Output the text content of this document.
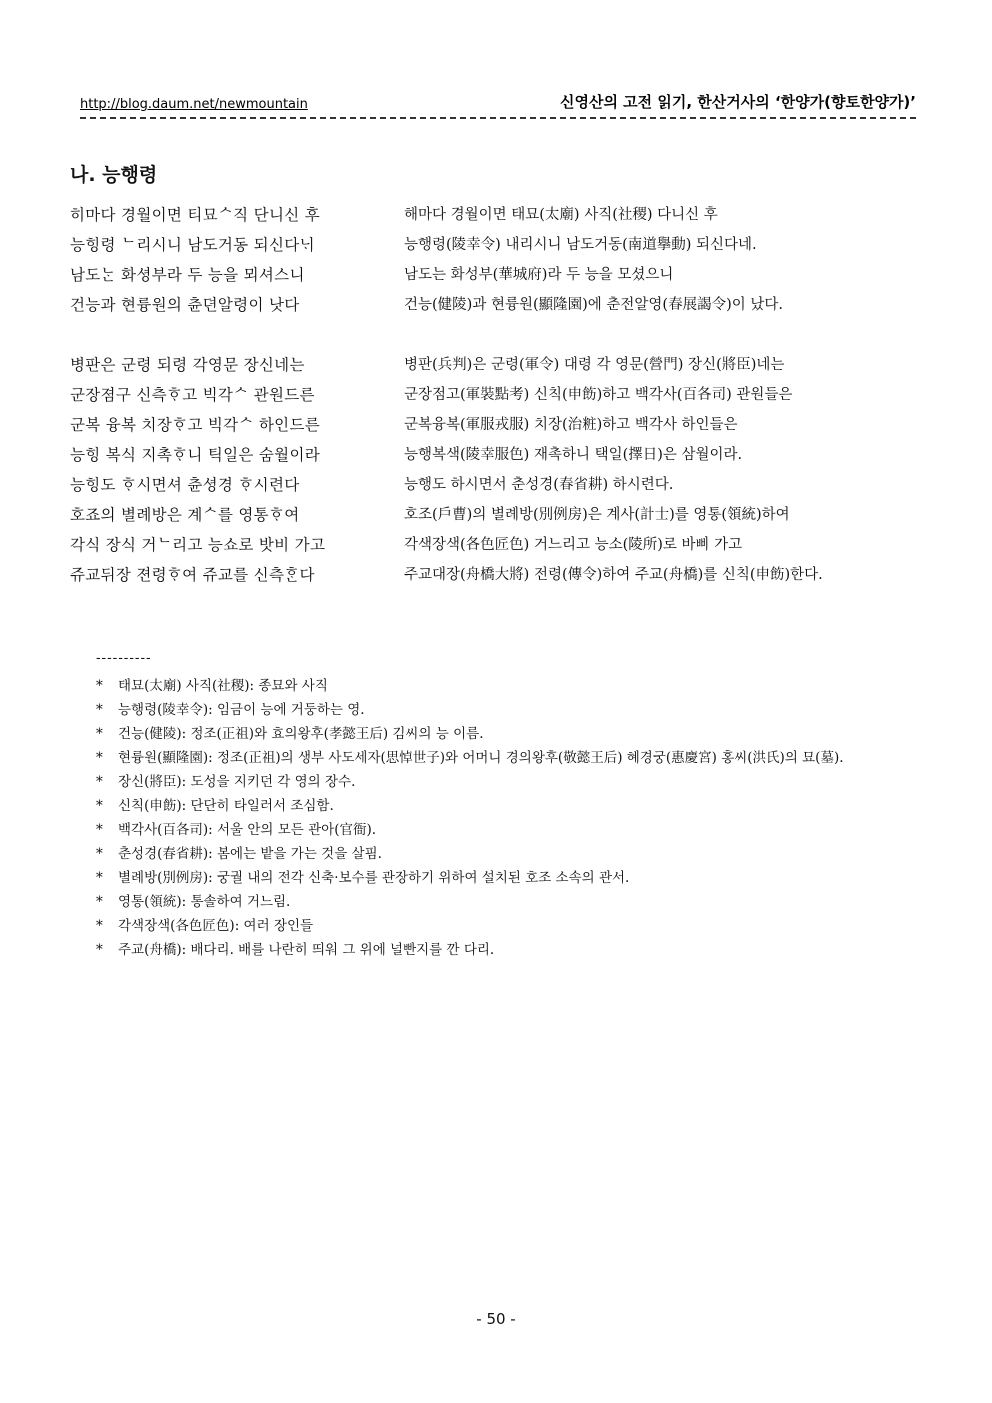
http://blog.daum.net/newmountain	신영산의 고전 읽기, 한산거사의 ‘한양가(향토한양가)’
나. 능행령
히마다 경월이면 티묘ᄉ직 단니신 후	해마다 경월이면 태묘(太廟) 사직(社稷) 다니신 후
능힝령 ᄂ리시니 남도거동 되신다ᄂᆡ	능행령(陵幸令) 내리시니 남도거동(南道擧動) 되신다네.
남도ᄂᆞᆫ 화셩부라 두 능을 뫼셔스니	남도는 화성부(華城府)라 두 능을 모셨으니
건능과 현륭원의 츈뎐알령이 낫다	건능(健陵)과 현륭원(顯隆園)에 춘전알영(春展謁令)이 났다.
병판은 군령 되령 각영문 장신네는	병판(兵判)은 군령(軍令) 대령 각 영문(營門) 장신(將臣)네는
군장졈구 신측ᄒᆞ고 빅각ᄉ 관원드른	군장점고(軍裝點考) 신칙(申飭)하고 백각사(百各司) 관원들은
군복 융복 치장ᄒᆞ고 빅각ᄉ 하인드른	군복융복(軍服戎服) 치장(治粧)하고 백각사 하인들은
능힝 복식 지촉ᄒᆞ니 틱일은 숨월이라	능행복색(陵幸服色) 재촉하니 택일(擇日)은 삼월이라.
능힝도 ᄒᆞ시면셔 츈셩경 ᄒᆞ시련다	능행도 하시면서 춘성경(春省耕) 하시련다.
호죠의 별례방은 계ᄉ를 영통ᄒᆞ여	호조(戶曹)의 별례방(別例房)은 계사(計士)를 영통(領統)하여
각식 장식 거ᄂ리고 능쇼로 밧비 가고	각색장색(各色匠色) 거느리고 능소(陵所)로 바삐 가고
쥬교뒤장 젼령ᄒᆞ여 쥬교를 신측ᄒᆞᆫ다	주교대장(舟橋大將) 전령(傳令)하여 주교(舟橋)를 신칙(申飭)한다.
----------
*	태묘(太廟) 사직(社稷): 종묘와 사직
*	능행령(陵幸令): 임금이 능에 거둥하는 영.
*	건능(健陵): 정조(正祖)와 효의왕후(孝懿王后) 김씨의 능 이름.
*	현륭원(顯隆園): 정조(正祖)의 생부 사도세자(思悼世子)와 어머니 경의왕후(敬懿王后) 혜경궁(惠慶宮) 홍씨(洪氏)의 묘(墓).
*	장신(將臣): 도성을 지키던 각 영의 장수.
*	신칙(申飭): 단단히 타일러서 조심함.
*	백각사(百各司): 서울 안의 모든 관아(官衙).
*	춘성경(春省耕): 봄에는 밭을 가는 것을 살핌.
*	별례방(別例房): 궁궐 내의 전각 신축·보수를 관장하기 위하여 설치된 호조 소속의 관서.
*	영통(領統): 통솔하여 거느림.
*	각색장색(各色匠色): 여러 장인들
*	주교(舟橋): 배다리. 배를 나란히 띄워 그 위에 널빤지를 깐 다리.
- 50 -
